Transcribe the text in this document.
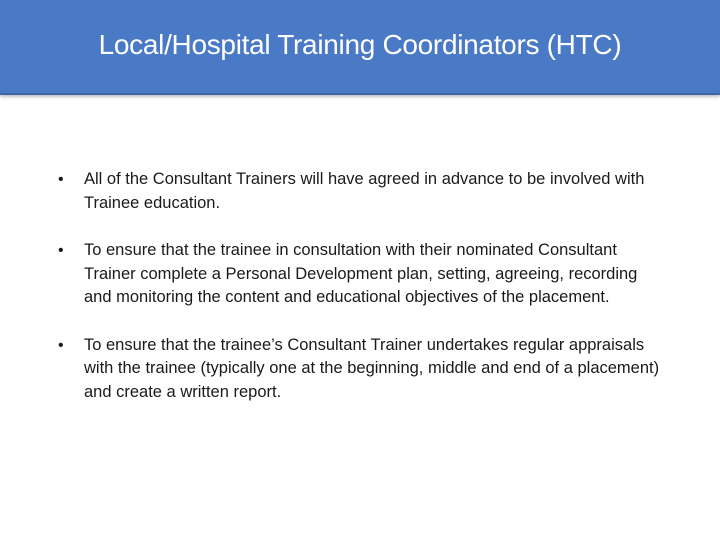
Local/Hospital Training Coordinators (HTC)
• All of the Consultant Trainers will have agreed in advance to be involved with Trainee education.
• To ensure that the trainee in consultation with their nominated Consultant Trainer complete a Personal Development plan, setting, agreeing, recording and monitoring the content and educational objectives of the placement.
• To ensure that the trainee’s Consultant Trainer undertakes regular appraisals with the trainee (typically one at the beginning, middle and end of a placement) and create a written report.
